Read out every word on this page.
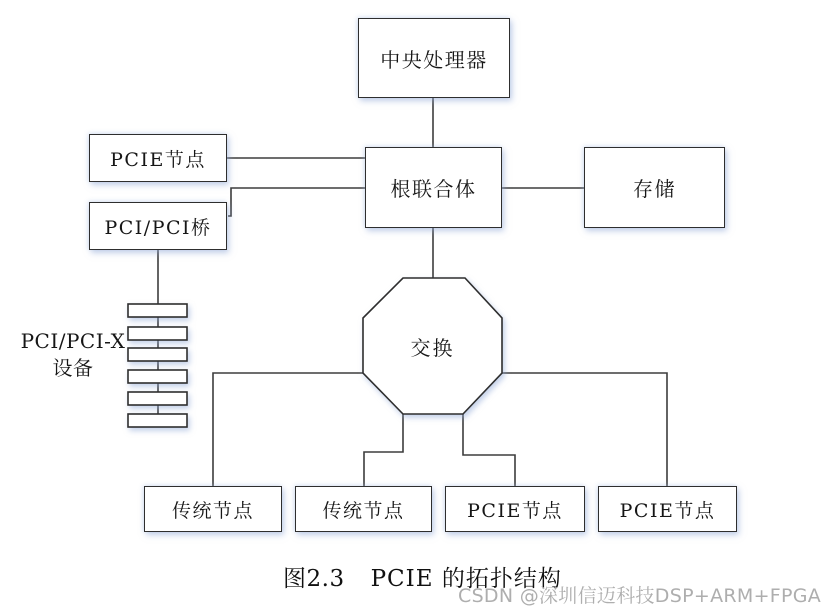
中央处理器
PCIE节点
PCI/PCI桥
根联合体	存储
传统节点	传统节点	PCIE节点	PCIE节点
交换
PCI/PCI-X
设备
图2.3 PCIE 的拓扑结构
CSDN @深圳信迈科技DSP+ARM+FPGA
